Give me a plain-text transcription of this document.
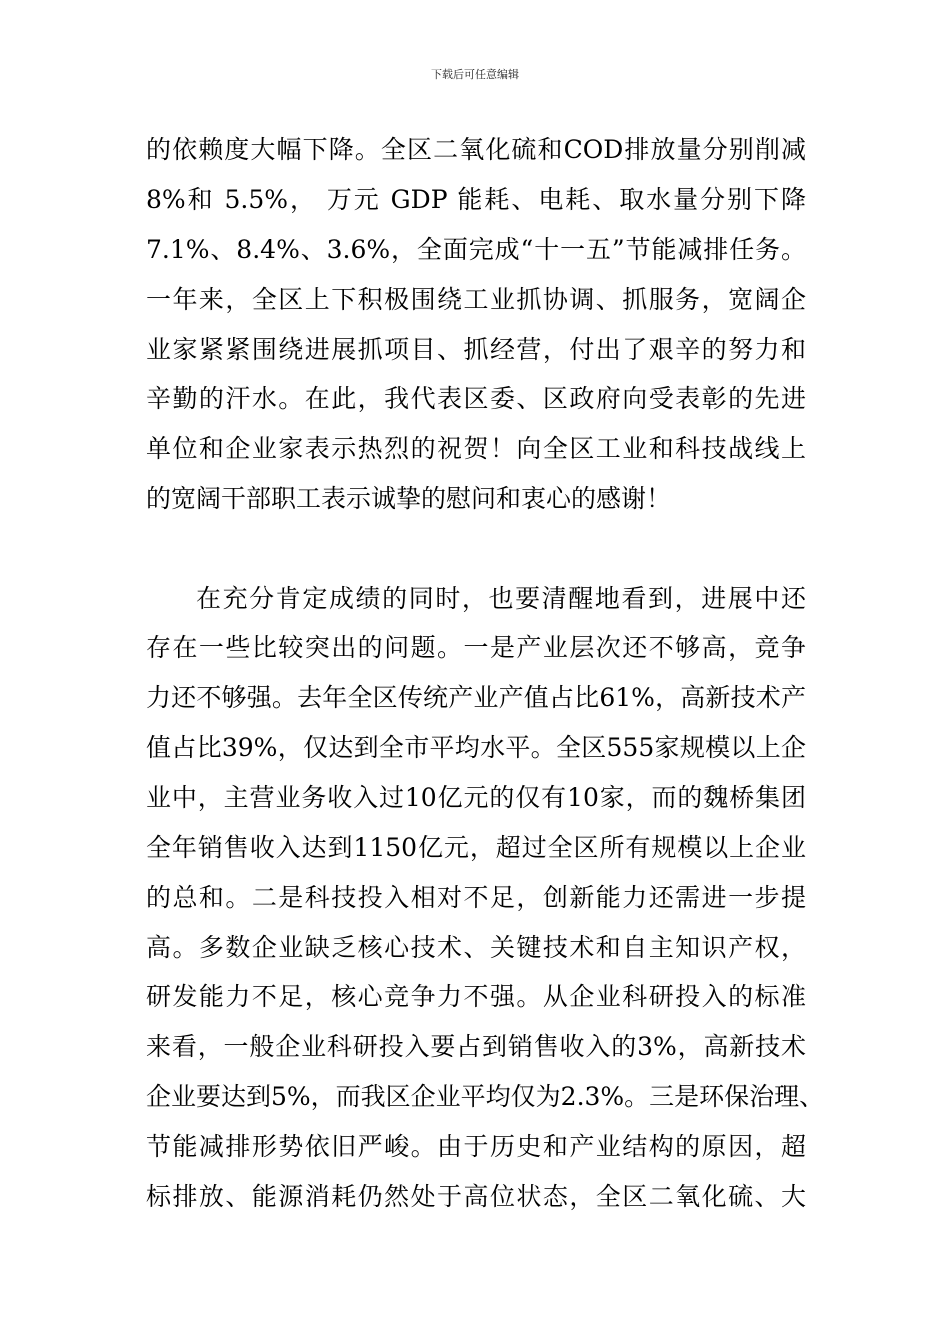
下载后可任意编辑
的依赖度大幅下降。全区二氧化硫和COD排放量分别削减
8%和 5.5%， 万元 GDP 能耗、电耗、取水量分别下降
7.1%、8.4%、3.6%，全面完成“十一五”节能减排任务。
一年来，全区上下积极围绕工业抓协调、抓服务，宽阔企
业家紧紧围绕进展抓项目、抓经营，付出了艰辛的努力和
辛勤的汗水。在此，我代表区委、区政府向受表彰的先进
单位和企业家表示热烈的祝贺！向全区工业和科技战线上
的宽阔干部职工表示诚挚的慰问和衷心的感谢！
在充分肯定成绩的同时，也要清醒地看到，进展中还
存在一些比较突出的问题。一是产业层次还不够高，竞争
力还不够强。去年全区传统产业产值占比61%，高新技术产
值占比39%，仅达到全市平均水平。全区555家规模以上企
业中，主营业务收入过10亿元的仅有10家，而的魏桥集团
全年销售收入达到1150亿元，超过全区所有规模以上企业
的总和。二是科技投入相对不足，创新能力还需进一步提
高。多数企业缺乏核心技术、关键技术和自主知识产权，
研发能力不足，核心竞争力不强。从企业科研投入的标准
来看，一般企业科研投入要占到销售收入的3%，高新技术
企业要达到5%，而我区企业平均仅为2.3%。三是环保治理、
节能减排形势依旧严峻。由于历史和产业结构的原因，超
标排放、能源消耗仍然处于高位状态，全区二氧化硫、大
